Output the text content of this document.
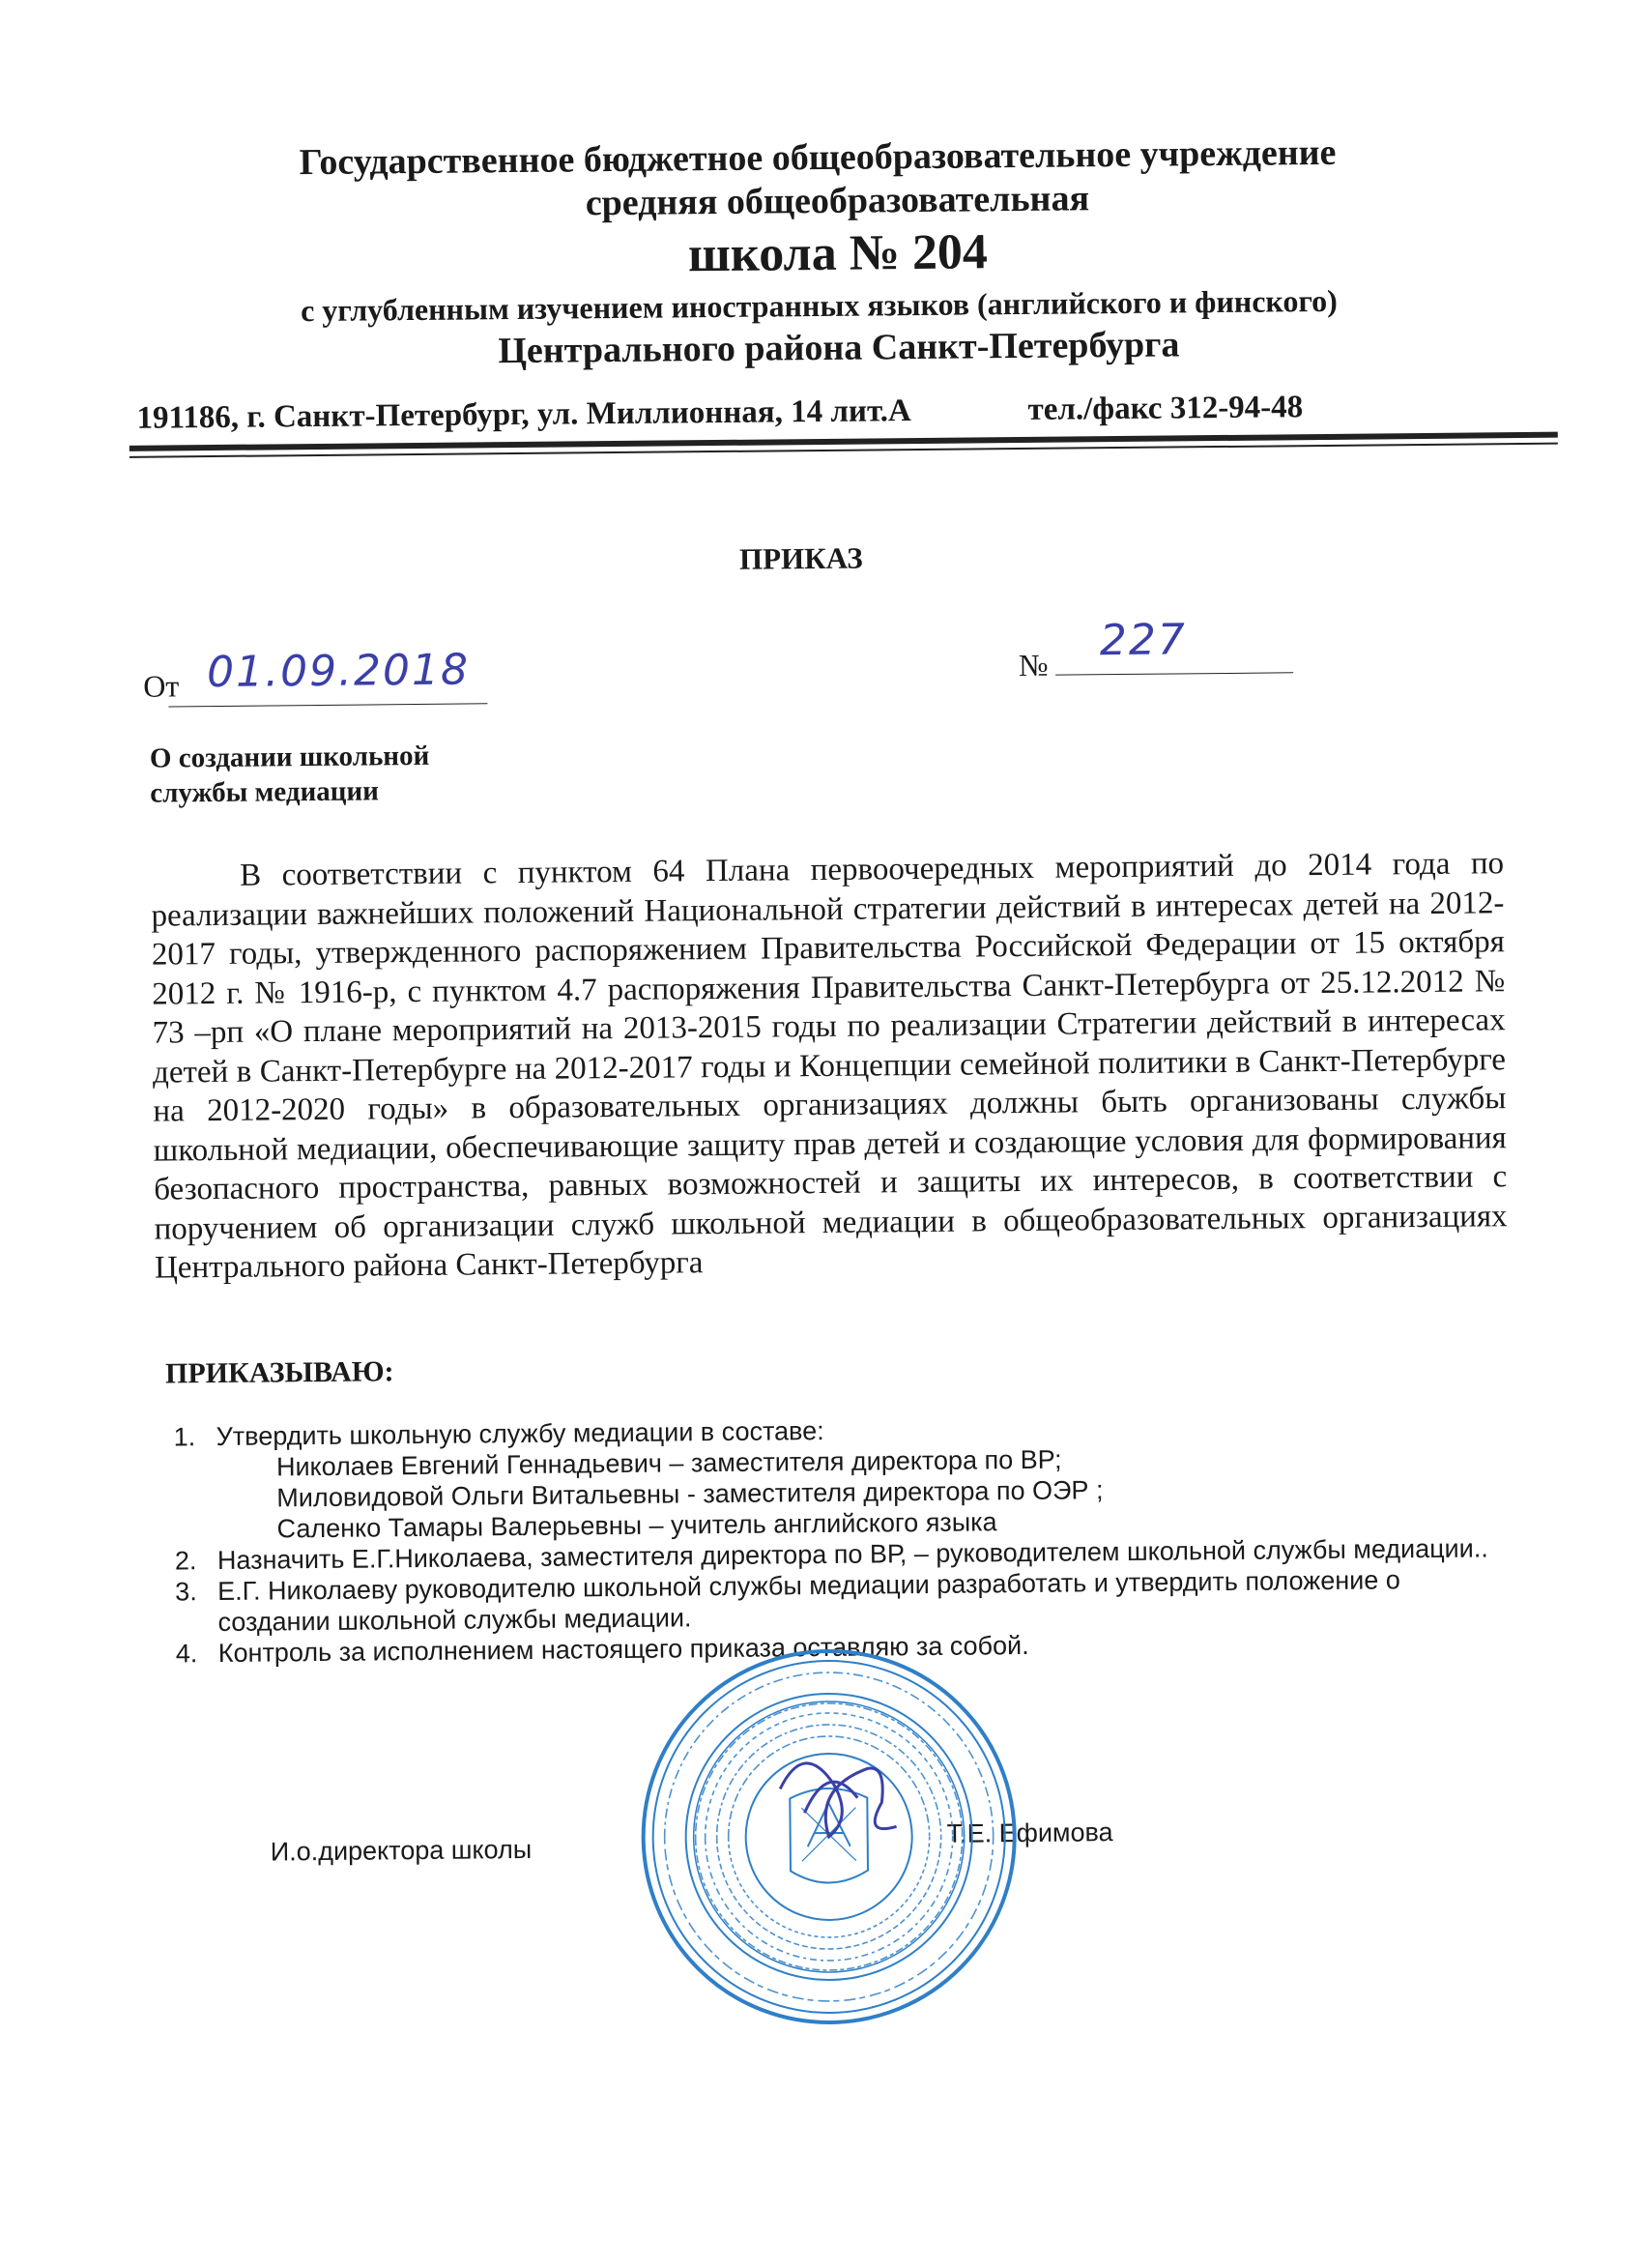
Государственное бюджетное общеобразовательное учреждение
средняя общеобразовательная
школа № 204
с углубленным изучением иностранных языков (английского и финского)
Центрального района Санкт-Петербурга
191186, г. Санкт-Петербург, ул. Миллионная, 14 лит.А	тел./факс 312-94-48
ПРИКАЗ
От 01.09.2018	№ 227
О создании школьной
службы медиации
В соответствии с пунктом 64 Плана первоочередных мероприятий до 2014 года по реализации важнейших положений Национальной стратегии действий в интересах детей на 2012-2017 годы, утвержденного распоряжением Правительства Российской Федерации от 15 октября 2012 г. № 1916-р, с пунктом 4.7 распоряжения Правительства Санкт-Петербурга от 25.12.2012 № 73 –рп «О плане мероприятий на 2013-2015 годы по реализации Стратегии действий в интересах детей в Санкт-Петербурге на 2012-2017 годы и Концепции семейной политики в Санкт-Петербурге на 2012-2020 годы» в образовательных организациях должны быть организованы службы школьной медиации, обеспечивающие защиту прав детей и создающие условия для формирования безопасного пространства, равных возможностей и защиты их интересов, в соответствии с поручением об организации служб школьной медиации в общеобразовательных организациях Центрального района Санкт-Петербурга
ПРИКАЗЫВАЮ:
1. Утвердить школьную службу медиации в составе:
Николаев Евгений Геннадьевич – заместителя директора по ВР;
Миловидовой Ольги Витальевны - заместителя директора по ОЭР ;
Саленко Тамары Валерьевны – учитель английского языка
2. Назначить Е.Г.Николаева, заместителя директора по ВР, – руководителем школьной службы медиации..
3. Е.Г. Николаеву руководителю школьной службы медиации разработать и утвердить положение о создании школьной службы медиации.
4. Контроль за исполнением настоящего приказа оставляю за собой.
И.о.директора школы
Т.Е. Ефимова
